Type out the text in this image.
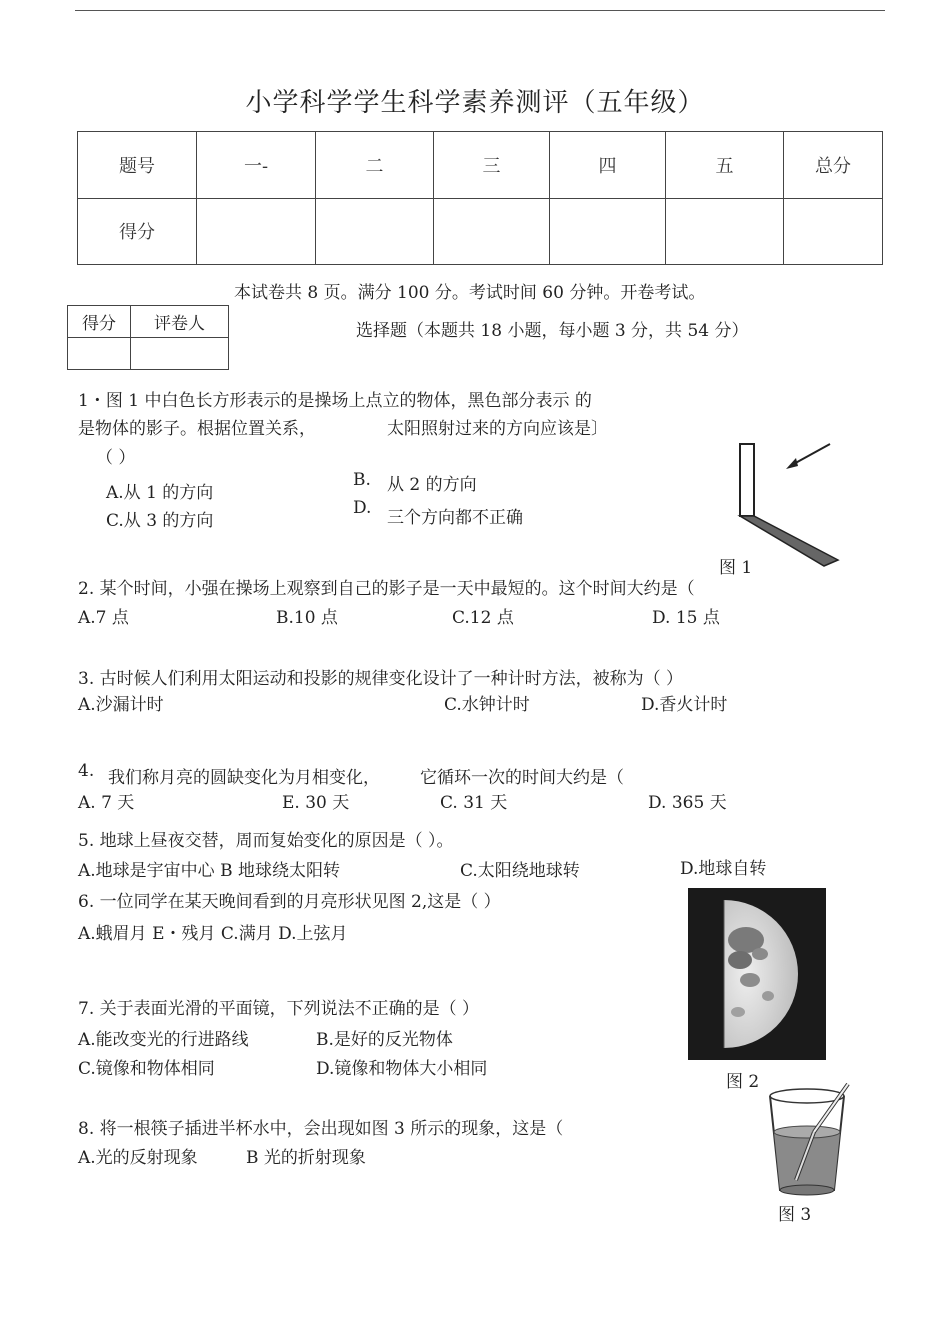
小学科学学生科学素养测评（五年级）
题号	一-	二	三	四	五	总分
得分						
本试卷共 8 页。满分 100 分。考试时间 60 分钟。开卷考试。
得分	评卷人
		选择题（本题共 18 小题，每小题 3 分，共 54 分）
1・图 1 中白色长方形表示的是操场上点立的物体，黑色部分表示 的
是物体的影子。根据位置关系，	太阳照射过来的方向应该是〕
（ ）
A.从 1 的方向
B. 从 2 的方向
C.从 3 的方向
D. 三个方向都不正确
图 1
2. 某个时间，小强在操场上观察到自己的影子是一天中最短的。这个时间大约是（
A.7 点	B.10 点	C.12 点	D. 15 点
3. 古时候人们利用太阳运动和投影的规律变化设计了一种计时方法，被称为（ ）
A.沙漏计时	C.水钟计时	D.香火计时
4. 我们称月亮的圆缺变化为月相变化， 它循环一次的时间大约是（
A. 7 天	E. 30 天	C. 31 天	D. 365 天
5. 地球上昼夜交替，周而复始变化的原因是（ ）。
A.地球是宇宙中心 B 地球绕太阳转	C.太阳绕地球转	D.地球自转
6. 一位同学在某天晚间看到的月亮形状见图 2,这是（ ）
A.蛾眉月 E・残月 C.满月 D.上弦月
图 2
7. 关于表面光滑的平面镜，下列说法不正确的是（ ）
A.能改变光的行进路线	B.是好的反光物体
C.镜像和物体相同	D.镜像和物体大小相同
8. 将一根筷子插进半杯水中，会出现如图 3 所示的现象，这是（
A.光的反射现象	B 光的折射现象
图 3
